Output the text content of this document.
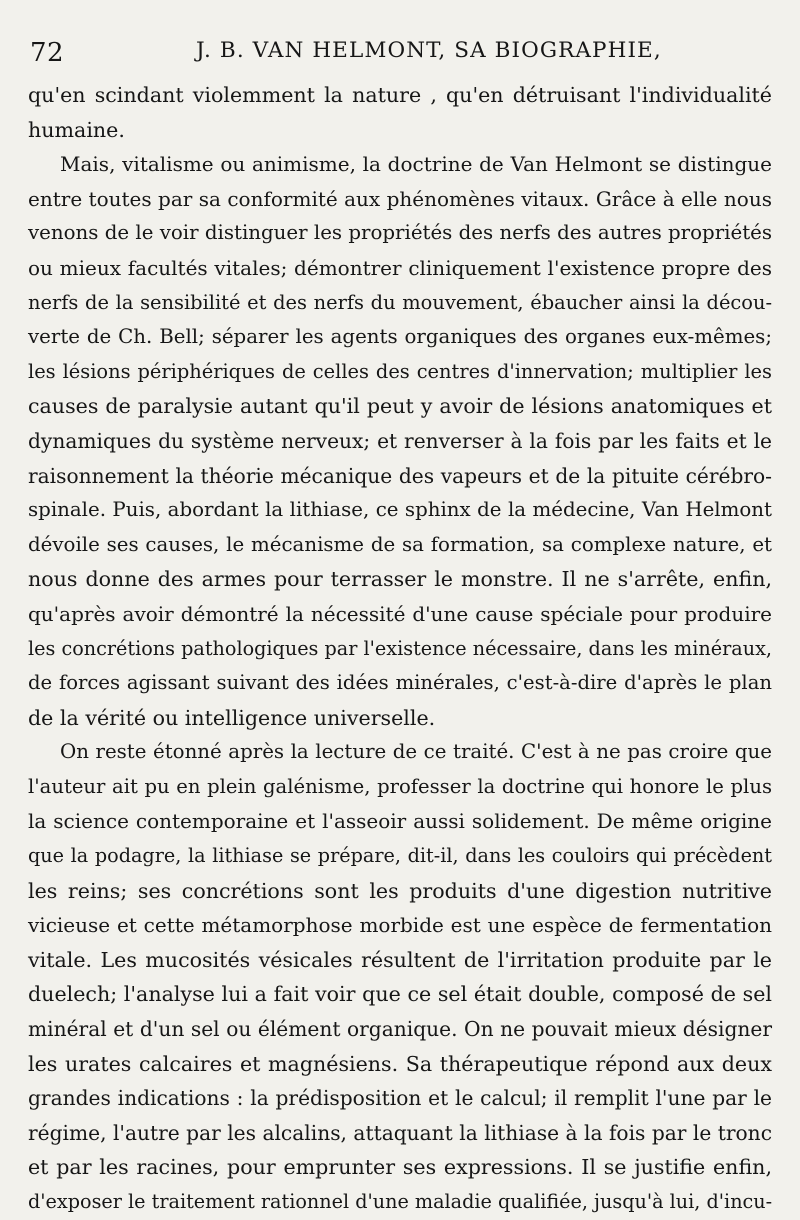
72	J. B. VAN HELMONT, SA BIOGRAPHIE,
qu'en scindant violemment la nature , qu'en détruisant l'individualité
humaine.
Mais, vitalisme ou animisme, la doctrine de Van Helmont se distingue
entre toutes par sa conformité aux phénomènes vitaux. Grâce à elle nous
venons de le voir distinguer les propriétés des nerfs des autres propriétés
ou mieux facultés vitales; démontrer cliniquement l'existence propre des
nerfs de la sensibilité et des nerfs du mouvement, ébaucher ainsi la décou-
verte de Ch. Bell; séparer les agents organiques des organes eux-mêmes;
les lésions périphériques de celles des centres d'innervation; multiplier les
causes de paralysie autant qu'il peut y avoir de lésions anatomiques et
dynamiques du système nerveux; et renverser à la fois par les faits et le
raisonnement la théorie mécanique des vapeurs et de la pituite cérébro-
spinale. Puis, abordant la lithiase, ce sphinx de la médecine, Van Helmont
dévoile ses causes, le mécanisme de sa formation, sa complexe nature, et
nous donne des armes pour terrasser le monstre. Il ne s'arrête, enfin,
qu'après avoir démontré la nécessité d'une cause spéciale pour produire
les concrétions pathologiques par l'existence nécessaire, dans les minéraux,
de forces agissant suivant des idées minérales, c'est-à-dire d'après le plan
de la vérité ou intelligence universelle.
On reste étonné après la lecture de ce traité. C'est à ne pas croire que
l'auteur ait pu en plein galénisme, professer la doctrine qui honore le plus
la science contemporaine et l'asseoir aussi solidement. De même origine
que la podagre, la lithiase se prépare, dit-il, dans les couloirs qui précèdent
les reins; ses concrétions sont les produits d'une digestion nutritive
vicieuse et cette métamorphose morbide est une espèce de fermentation
vitale. Les mucosités vésicales résultent de l'irritation produite par le
duelech; l'analyse lui a fait voir que ce sel était double, composé de sel
minéral et d'un sel ou élément organique. On ne pouvait mieux désigner
les urates calcaires et magnésiens. Sa thérapeutique répond aux deux
grandes indications : la prédisposition et le calcul; il remplit l'une par le
régime, l'autre par les alcalins, attaquant la lithiase à la fois par le tronc
et par les racines, pour emprunter ses expressions. Il se justifie enfin,
d'exposer le traitement rationnel d'une maladie qualifiée, jusqu'à lui, d'incu-
